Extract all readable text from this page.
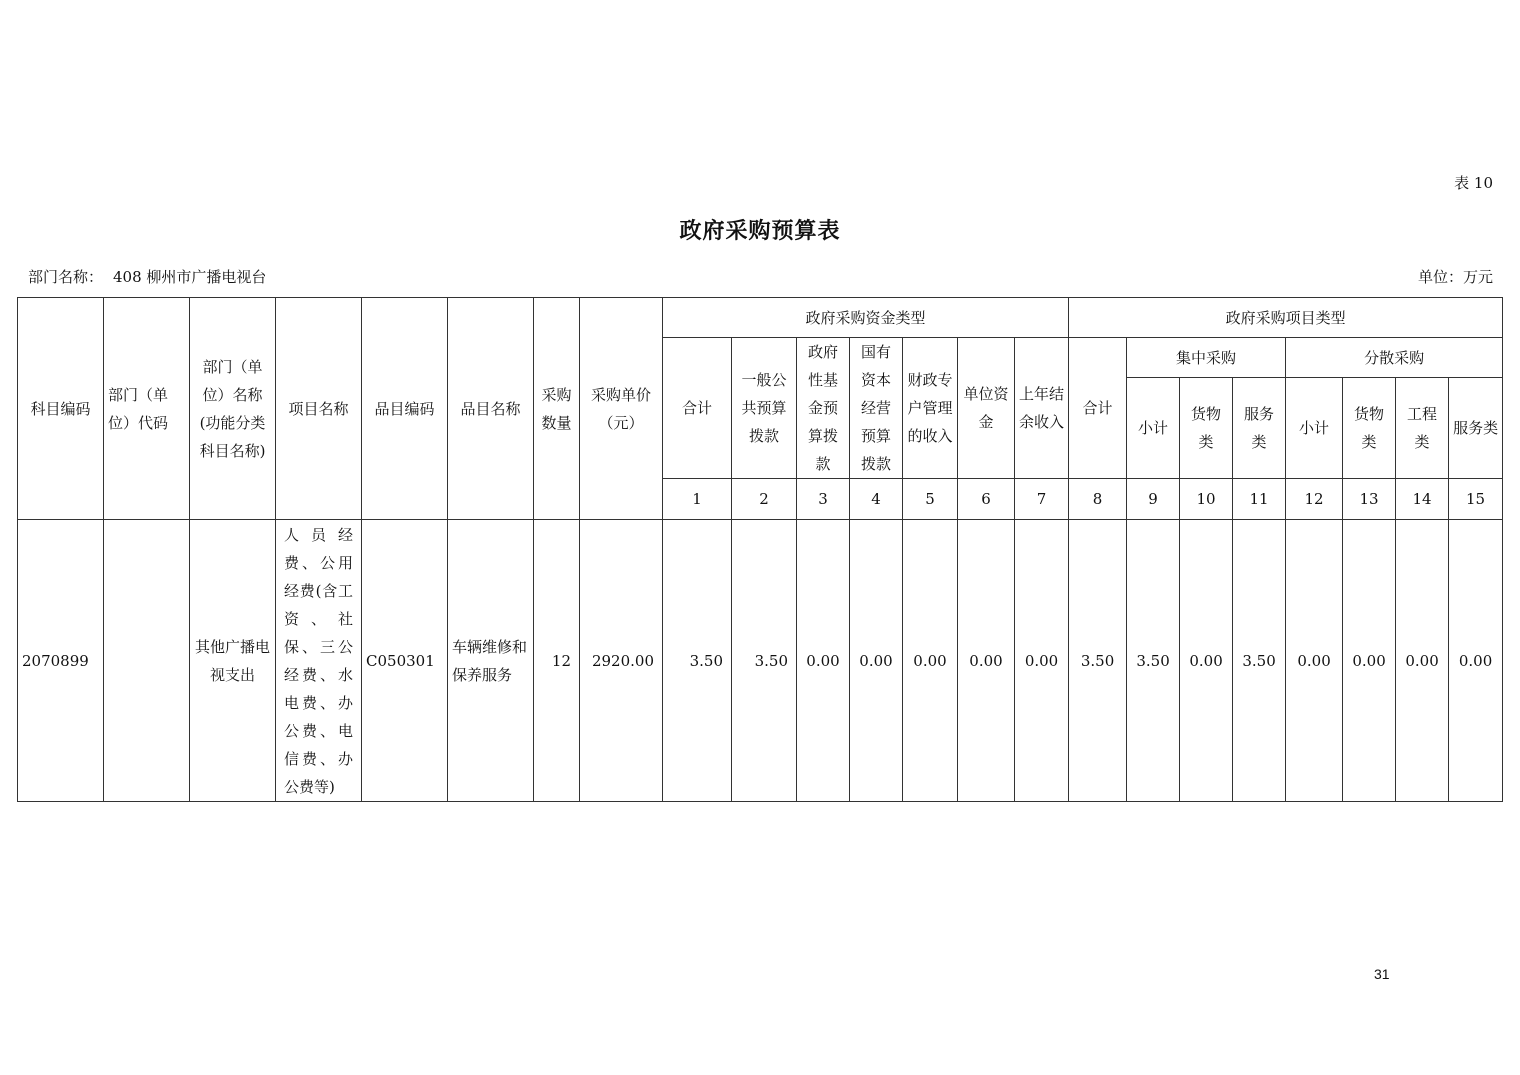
表 10
政府采购预算表
部门名称： 408 柳州市广播电视台	单位：万元
科目编码	部门（单位）代码	部门（单位）名称(功能分类科目名称)	项目名称	品目编码	品目名称	采购数量	采购单价（元）	政府采购资金类型							政府采购项目类型							
								合计	一般公共预算拨款	政府性基金预算拨款	国有资本经营预算拨款	财政专户管理的收入	单位资金	上年结余收入	合计	集中采购			分散采购			
																小计	货物类	服务类	小计	货物类	工程类	服务类
								1	2	3	4	5	6	7	8	9	10	11	12	13	14	15
2070899		其他广播电视支出	人员经费、公用经费(含工资、社保、三公经费、水电费、办公费、电信费、办公费等)	C050301	车辆维修和保养服务	12	2920.00	3.50	3.50	0.00	0.00	0.00	0.00	0.00	3.50	3.50	0.00	3.50	0.00	0.00	0.00	0.00
31
